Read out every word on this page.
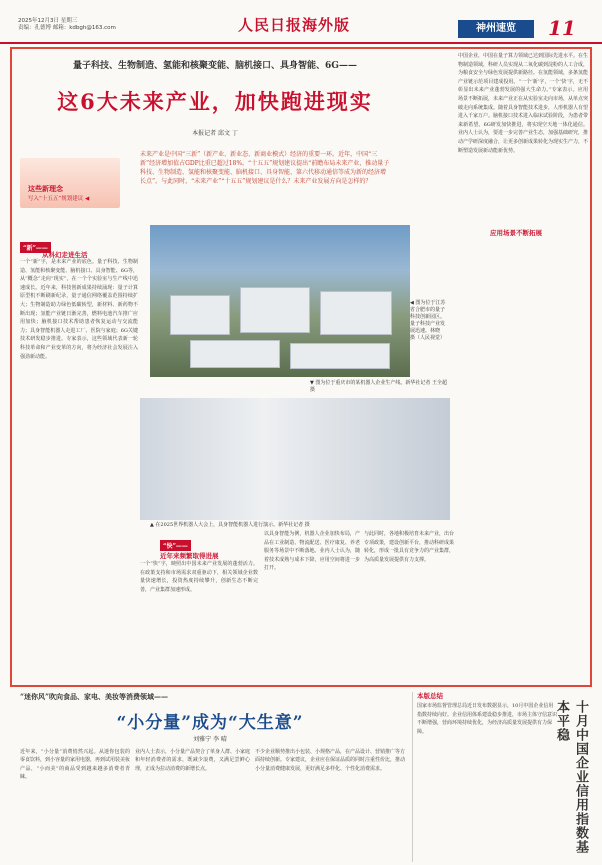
2025年12月3日 星期三
责编：孔德博 邮箱：kdbgh@163.com	人民日报海外版	神州速览	11
量子科技、生物制造、氢能和核聚变能、脑机接口、具身智能、6G——
这6大未来产业，加快跑进现实
本报记者 邱文 丁
这些新理念
写入“十五五”规划建议 ◀
未来产业是中国“三新”（新产业、新业态、新商业模式）经济的重要一环。近年，中国“三新”经济增加值占GDP比重已超过18%。“十五五”规划建议提出“前瞻布局未来产业，推动量子科技、生物制造、氢能和核聚变能、脑机接口、具身智能、第六代移动通信等成为新的经济增长点”。与此同时，“未来产业”“十五五”规划建议是什么？未来产业发展方向是怎样的？
◀ 图为位于江苏省合肥市的量子科技创新园区。量子科技产业发展迅速。林晓 摄（人民视觉）
▼ 图为位于重庆市的某机器人企业生产线。新华社记者 王全超 摄
▲ 在2025世界机器人大会上，具身智能机器人进行演示。新华社记者 摄
“新”——
从科幻走进生活
一个“新”字，是未来产业的底色。量子科技、生物制造、氢能和核聚变能、脑机接口、具身智能、6G等，从“概念”走向“现实”，在一个个实验室与生产线中迅速成长。近年来，科技创新成果持续涌现：量子计算原型机不断刷新纪录，量子通信网络覆盖范围持续扩大；生物制造助力绿色低碳转型，新材料、新药物不断出现；氢能产业链日渐完善，燃料电池汽车推广应用加快；脑机接口技术帮助患者恢复运动与交流能力；具身智能机器人走进工厂、医院与家庭；6G关键技术研发稳步推进。专家表示，这些领域代表新一轮科技革命和产业变革的方向，将为经济社会发展注入强劲新动能。
“快”——
近年来频繁取得进展
一个“快”字，映照出中国未来产业发展的蓬勃活力。在政策支持和市场需求双重驱动下，相关领域企业数量快速增长，投资热度持续攀升，创新生态不断完善，产业集群加速形成。
以具身智能为例，机器人企业加快布局，产品在工业制造、物流配送、医疗康复、养老服务等场景中不断落地。业内人士认为，随着技术成熟与成本下降，应用空间将进一步打开。
与此同时，各地积极培育未来产业，出台专项政策，建设创新平台，推动科研成果转化，形成一批具有竞争力的产业集群，为高质量发展提供有力支撑。
应用场景不断拓展
中国企业，中国在量子算力领域已达到国际先进水平。在生物制造领域，科研人员实现从二氧化碳到淀粉的人工合成，为粮食安全与绿色发展提供新路径。在氢能领域，多条氢能产业链示范项目建成投用。“一个‘新’字，一个‘快’字，无不彰显出未来产业蓬勃发展的强大生命力。”专家表示。应用场景不断拓展，未来产业正在从实验室走向市场，从单点突破走向系统集成。随着具身智能技术进步，人形机器人有望进入千家万户。脑机接口技术进入临床试验阶段，为患者带来新希望。6G研发加快推进，将实现空天地一体化通信。业内人士认为，要进一步完善产业生态，加强基础研究，推动产学研深度融合，让更多创新成果转化为现实生产力，不断塑造发展新动能新优势。
“迷你风”吹向食品、家电、美妆等消费领域——
“小分量”成为“大生意”
刘雅宁 李 晴
近年来，“小分量”消费悄然兴起。从迷你包装的零食饮料，到小容量的家用电器，再到试用装美妆产品，“小而美”的商品受到越来越多消费者青睐。
业内人士表示，小分量产品契合了单身人群、小家庭和年轻消费者的需求，既减少浪费，又满足尝鲜心理，正成为拉动消费的新增长点。
不少企业顺势推出小包装、小规格产品，在产品设计、营销推广等方面持续创新。专家建议，企业应在保证品质的同时注重性价比，推动小分量消费健康发展，更好满足多样化、个性化消费需求。
本版总结
国家市场监督管理总局近日发布数据显示，10月中国企业信用指数持续向好。企业信用体系建设稳步推进，市场主体守信意识不断增强，营商环境持续优化，为经济高质量发展提供有力保障。	十月中国企业信用指数基本平稳
